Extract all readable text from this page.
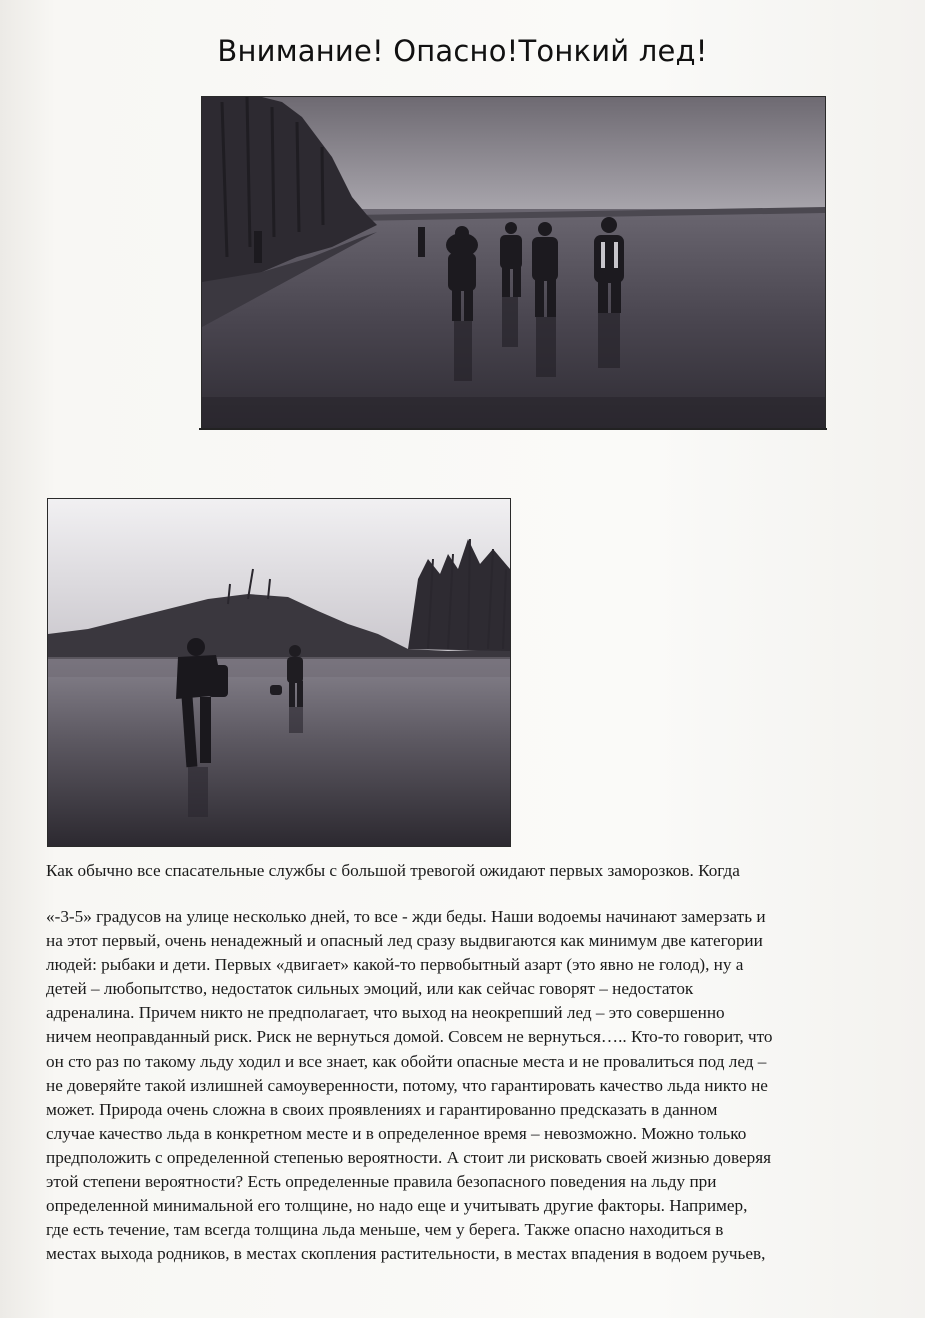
Внимание! Опасно!Тонкий лед!
Как обычно все спасательные службы с большой тревогой ожидают первых заморозков. Когда
«-3-5» градусов на улице несколько дней, то все - жди беды. Наши водоемы начинают замерзать и
на этот первый, очень ненадежный и опасный лед сразу выдвигаются как минимум две категории
людей: рыбаки и дети. Первых «двигает» какой-то первобытный азарт (это явно не голод), ну а
детей – любопытство, недостаток сильных эмоций, или как сейчас говорят – недостаток
адреналина. Причем никто не предполагает, что выход на неокрепший лед – это совершенно
ничем неоправданный риск. Риск не вернуться домой. Совсем не вернуться….. Кто-то говорит, что
он сто раз по такому льду ходил и все знает, как обойти опасные места и не провалиться под лед –
не доверяйте такой излишней самоуверенности, потому, что гарантировать качество льда никто не
может. Природа очень сложна в своих проявлениях и гарантированно предсказать в данном
случае качество льда в конкретном месте и в определенное время – невозможно. Можно только
предположить с определенной степенью вероятности. А стоит ли рисковать своей жизнью доверяя
этой степени вероятности? Есть определенные правила безопасного поведения на льду при
определенной минимальной его толщине, но надо еще и учитывать другие факторы. Например,
где есть течение, там всегда толщина льда меньше, чем у берега. Также опасно находиться в
местах выхода родников, в местах скопления растительности, в местах впадения в водоем ручьев,
